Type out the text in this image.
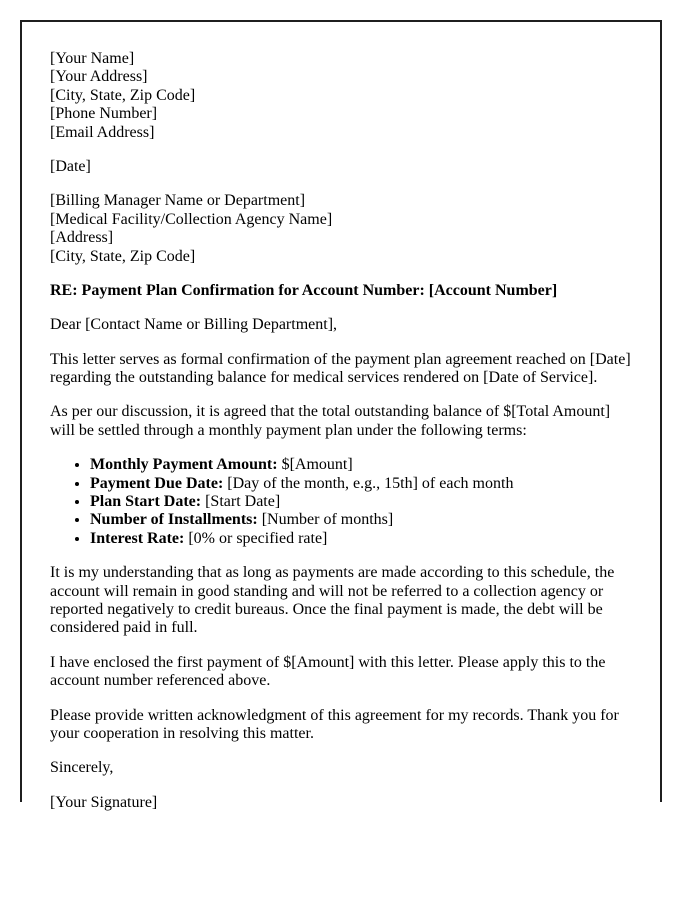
[Your Name]
[Your Address]
[City, State, Zip Code]
[Phone Number]
[Email Address]
[Date]
[Billing Manager Name or Department]
[Medical Facility/Collection Agency Name]
[Address]
[City, State, Zip Code]
RE: Payment Plan Confirmation for Account Number: [Account Number]
Dear [Contact Name or Billing Department],
This letter serves as formal confirmation of the payment plan agreement reached on [Date] regarding the outstanding balance for medical services rendered on [Date of Service].
As per our discussion, it is agreed that the total outstanding balance of $[Total Amount] will be settled through a monthly payment plan under the following terms:
• Monthly Payment Amount: $[Amount]
• Payment Due Date: [Day of the month, e.g., 15th] of each month
• Plan Start Date: [Start Date]
• Number of Installments: [Number of months]
• Interest Rate: [0% or specified rate]
It is my understanding that as long as payments are made according to this schedule, the account will remain in good standing and will not be referred to a collection agency or reported negatively to credit bureaus. Once the final payment is made, the debt will be considered paid in full.
I have enclosed the first payment of $[Amount] with this letter. Please apply this to the account number referenced above.
Please provide written acknowledgment of this agreement for my records. Thank you for your cooperation in resolving this matter.
Sincerely,
[Your Signature]
